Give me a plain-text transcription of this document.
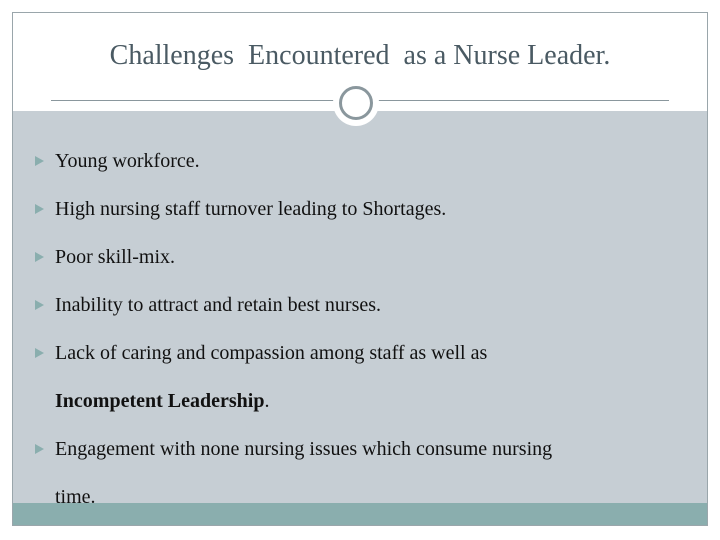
Challenges  Encountered  as a Nurse Leader.
Young workforce.
High nursing staff turnover leading to Shortages.
Poor skill-mix.
Inability to attract and retain best nurses.
Lack of caring and compassion among staff as well as
Incompetent Leadership.
Engagement with none nursing issues which consume nursing
time.
